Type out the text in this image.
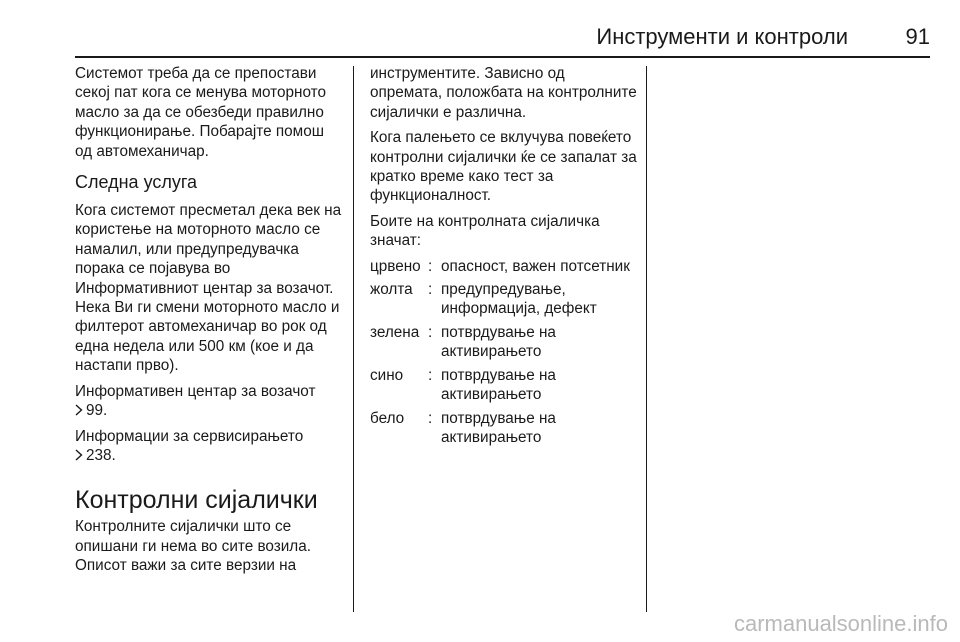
Инструменти и контроли	91

Системот треба да се препостави секој пат кога се менува моторното масло за да се обезбеди правилно функционирање. Побарајте помош од автомеханичар.

Следна услуга

Кога системот пресметал дека век на користење на моторното масло се намалил, или предупредувачка порака се појавува во Информативниот центар за возачот. Нека Ви ги смени моторното масло и филтерот автомеханичар во рок од една недела или 500 км (кое и да настапи прво).

Информативен центар за возачот
99.

Информации за сервисирањето
238.

Контролни сијалички

Контролните сијалички што се опишани ги нема во сите возила. Описот важи за сите верзии на

инструментите. Зависно од опремата, положбата на контролните сијалички е различна.

Кога палењето се вклучува повеќето контролни сијалички ќе се запалат за кратко време како тест за функционалност.

Боите на контролната сијаличка значат:

црвено : опасност, важен потсетник
жолта	: предупредување, информација, дефект
зелена : потврдување на активирањето
сино	: потврдување на активирањето
бело	: потврдување на активирањето
carmanualsonline.info
